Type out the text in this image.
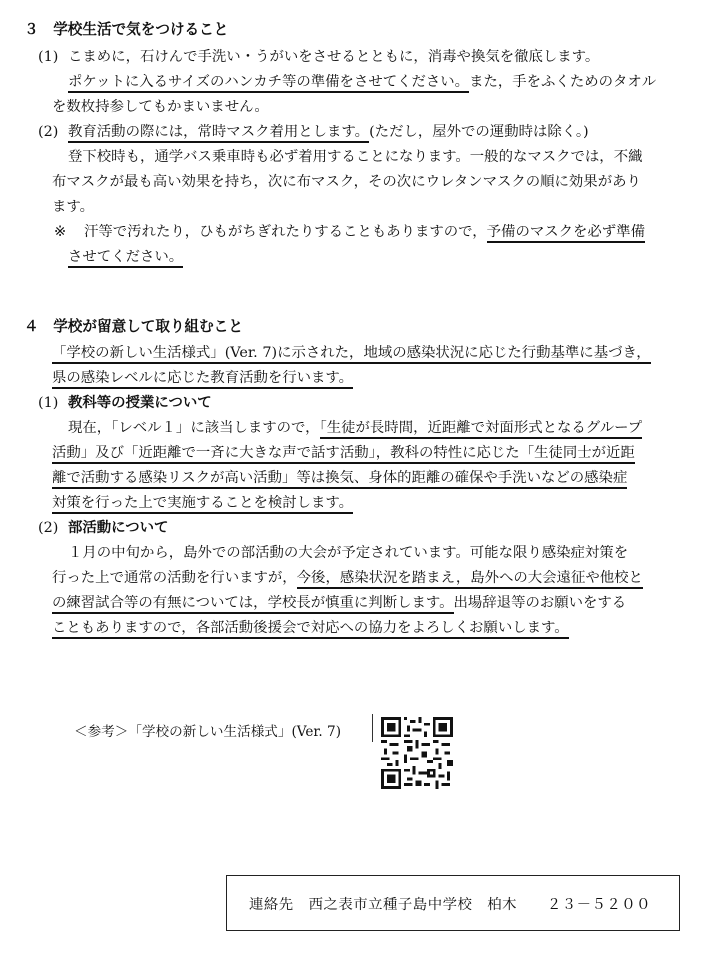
３　学校生活で気をつけること
(1) こまめに，石けんで手洗い・うがいをさせるとともに，消毒や換気を徹底します。
ポケットに入るサイズのハンカチ等の準備をさせてください。また，手をふくためのタオル
を数枚持参してもかまいません。
(2) 教育活動の際には，常時マスク着用とします。(ただし，屋外での運動時は除く。)
登下校時も，通学バス乗車時も必ず着用することになります。一般的なマスクでは，不織
布マスクが最も高い効果を持ち，次に布マスク，その次にウレタンマスクの順に効果があり
ます。
※ 汗等で汚れたり，ひもがちぎれたりすることもありますので，予備のマスクを必ず準備
させてください。
４　学校が留意して取り組むこと
「学校の新しい生活様式」(Ver. 7)に示された，地域の感染状況に応じた行動基準に基づき，
県の感染レベルに応じた教育活動を行います。
(1) 教科等の授業について
現在，「レベル１」に該当しますので，「生徒が長時間，近距離で対面形式となるグループ
活動」及び「近距離で一斉に大きな声で話す活動」，教科の特性に応じた「生徒同士が近距
離で活動する感染リスクが高い活動」等は換気、身体的距離の確保や手洗いなどの感染症
対策を行った上で実施することを検討します。
(2) 部活動について
１月の中旬から，島外での部活動の大会が予定されています。可能な限り感染症対策を
行った上で通常の活動を行いますが，今後，感染状況を踏まえ，島外への大会遠征や他校と
の練習試合等の有無については，学校長が慎重に判断します。出場辞退等のお願いをする
こともありますので，各部活動後援会で対応への協力をよろしくお願いします。
＜参考＞「学校の新しい生活様式」(Ver. 7)
連絡先　西之表市立種子島中学校　柏木　　２３－５２００
